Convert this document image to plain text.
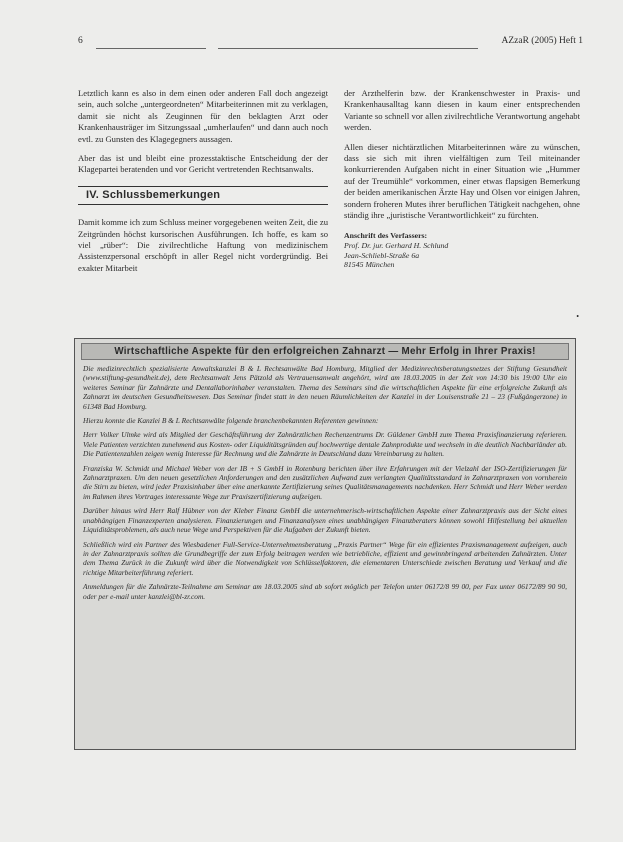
6	AZzaR (2005) Heft 1

Letztlich kann es also in dem einen oder anderen Fall doch angezeigt sein, auch solche „untergeordneten“ Mitarbeiterinnen mit zu verklagen, damit sie nicht als Zeuginnen für den beklagten Arzt oder Krankenhausträger im Sitzungssaal „umherlaufen“ und dann auch noch evtl. zu Gunsten des Klagegegners aussagen.

Aber das ist und bleibt eine prozesstaktische Entscheidung der der Klagepartei beratenden und vor Gericht vertretenden Rechtsanwalts.

IV. Schlussbemerkungen

Damit komme ich zum Schluss meiner vorgegebenen weiten Zeit, die zu Zeitgründen höchst kursorischen Ausführungen. Ich hoffe, es kam so viel „rüber“: Die zivilrechtliche Haftung von medizinischem Assistenzpersonal erschöpft in aller Regel nicht vordergründig. Bei exakter Mitarbeit

der Arzthelferin bzw. der Krankenschwester in Praxis- und Krankenhausalltag kann diesen in kaum einer entsprechenden Variante so schnell vor allen zivilrechtliche Verantwortung angehabt werden.

Allen dieser nichtärztlichen Mitarbeiterinnen wäre zu wünschen, dass sie sich mit ihren vielfältigen zum Teil miteinander konkurrierenden Aufgaben nicht in einer Situation wie „Hummer auf der Treumühle“ vorkommen, einer etwas flapsigen Bemerkung der beiden amerikanischen Ärzte Hay und Olsen vor einigen Jahren, sondern froheren Mutes ihrer beruflichen Tätigkeit nachgehen, ohne ständig ihre „juristische Verantwortlichkeit“ zu fürchten.

Anschrift des Verfassers:
Prof. Dr. jur. Gerhard H. Schlund
Jean-Schliebl-Straße 6a
81545 München
•
Wirtschaftliche Aspekte für den erfolgreichen Zahnarzt — Mehr Erfolg in Ihrer Praxis!

Die medizinrechtlich spezialisierte Anwaltskanzlei B & L Rechtsanwälte Bad Homburg, Mitglied der Medizinrechtsberatungsnetzes der Stiftung Gesundheit (www.stiftung-gesundheit.de), dem Rechtsanwalt Jens Pätzold als Vertrauensanwalt angehört, wird am 18.03.2005 in der Zeit von 14:30 bis 19:00 Uhr ein weiteres Seminar für Zahnärzte und Dentallaborinhaber veranstalten. Thema des Seminars sind die wirtschaftlichen Aspekte für eine erfolgreiche Zukunft als Zahnarzt im deutschen Gesundheitswesen. Das Seminar findet statt in den neuen Räumlichkeiten der Kanzlei in der Louisenstraße 21 – 23 (Fußgängerzone) in 61348 Bad Homburg.

Hierzu konnte die Kanzlei B & L Rechtsanwälte folgende branchenbekannten Referenten gewinnen:

Herr Volker Ulmke wird als Mitglied der Geschäftsführung der Zahnärztlichen Rechenzentrums Dr. Güldener GmbH zum Thema Praxisfinanzierung referieren. Viele Patienten verzichten zunehmend aus Kosten- oder Liquiditätsgründen auf hochwertige dentale Zahnprodukte und wechseln in die deutlich Nachbarländer ab. Die Patientenzahlen zeigen wenig Interesse für Rechnung und die Zahnärzte in Deutschland dazu Vereinbarung zu halten.

Franziska W. Schmidt und Michael Weber von der IB + S GmbH in Rotenburg berichten über ihre Erfahrungen mit der Vielzahl der ISO-Zertifizierungen für Zahnarztpraxen. Um den neuen gesetzlichen Anforderungen und den zusätzlichen Aufwand zum verlangten Qualitätsstandard in Zahnarztpraxen von vornherein die Stirn zu bieten, wird jeder Praxisinhaber über eine anerkannte Zertifizierung seines Qualitätsmanagements nachdenken. Herr Schmidt und Herr Weber werden im Rahmen ihres Vortrages interessante Wege zur Praxiszertifizierung aufzeigen.

Darüber hinaus wird Herr Ralf Hübner von der Kleber Finanz GmbH die unternehmerisch-wirtschaftlichen Aspekte einer Zahnarztpraxis aus der Sicht eines unabhängigen Finanzexperten analysieren. Finanzierungen und Finanzanalysen eines unabhängigen Finanzberaters können sowohl Hilfestellung bei aktuellen Liquiditätsproblemen, als auch neue Wege und Perspektiven für die Aufgaben der Zukunft bieten.

Schließlich wird ein Partner des Wiesbadener Full-Service-Unternehmensberatung „Praxis Partner“ Wege für ein effizientes Praxismanagement aufzeigen, auch in der Zahnarztpraxis sollten die Grundbegriffe der zum Erfolg beitragen werden wie betriebliche, effizient und gewinnbringend arbeitenden Zahnärzten. Unter dem Thema Zurück in die Zukunft wird über die Notwendigkeit von Schlüsselfaktoren, die elementaren Unterschiede zwischen Beratung und Verkauf und die richtige Mitarbeiterführung referiert.

Anmeldungen für die Zahnärzte-Teilnahme am Seminar am 18.03.2005 sind ab sofort möglich per Telefon unter 06172/8 99 00, per Fax unter 06172/89 90 90, oder per e-mail unter kanzlei@bl-zr.com.
